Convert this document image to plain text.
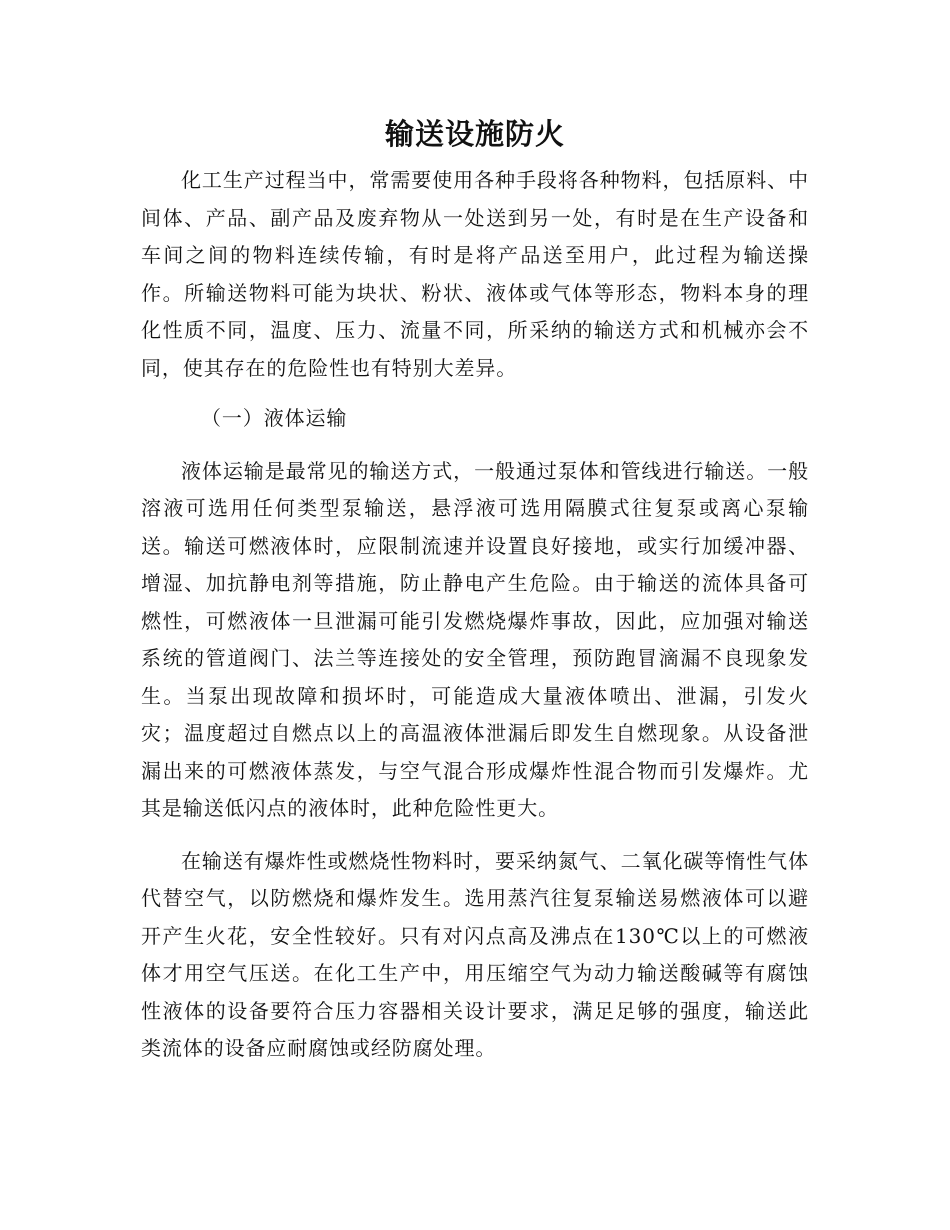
输送设施防火

化工生产过程当中，常需要使用各种手段将各种物料，包括原料、中间体、产品、副产品及废弃物从一处送到另一处，有时是在生产设备和车间之间的物料连续传输，有时是将产品送至用户，此过程为输送操作。所输送物料可能为块状、粉状、液体或气体等形态，物料本身的理化性质不同，温度、压力、流量不同，所采纳的输送方式和机械亦会不同，使其存在的危险性也有特别大差异。

（一）液体运输

液体运输是最常见的输送方式，一般通过泵体和管线进行输送。一般溶液可选用任何类型泵输送，悬浮液可选用隔膜式往复泵或离心泵输送。输送可燃液体时，应限制流速并设置良好接地，或实行加缓冲器、增湿、加抗静电剂等措施，防止静电产生危险。由于输送的流体具备可燃性，可燃液体一旦泄漏可能引发燃烧爆炸事故，因此，应加强对输送系统的管道阀门、法兰等连接处的安全管理，预防跑冒滴漏不良现象发生。当泵出现故障和损坏时，可能造成大量液体喷出、泄漏，引发火灾；温度超过自燃点以上的高温液体泄漏后即发生自燃现象。从设备泄漏出来的可燃液体蒸发，与空气混合形成爆炸性混合物而引发爆炸。尤其是输送低闪点的液体时，此种危险性更大。

在输送有爆炸性或燃烧性物料时，要采纳氮气、二氧化碳等惰性气体代替空气，以防燃烧和爆炸发生。选用蒸汽往复泵输送易燃液体可以避开产生火花，安全性较好。只有对闪点高及沸点在130℃以上的可燃液体才用空气压送。在化工生产中，用压缩空气为动力输送酸碱等有腐蚀性液体的设备要符合压力容器相关设计要求，满足足够的强度，输送此类流体的设备应耐腐蚀或经防腐处理。
